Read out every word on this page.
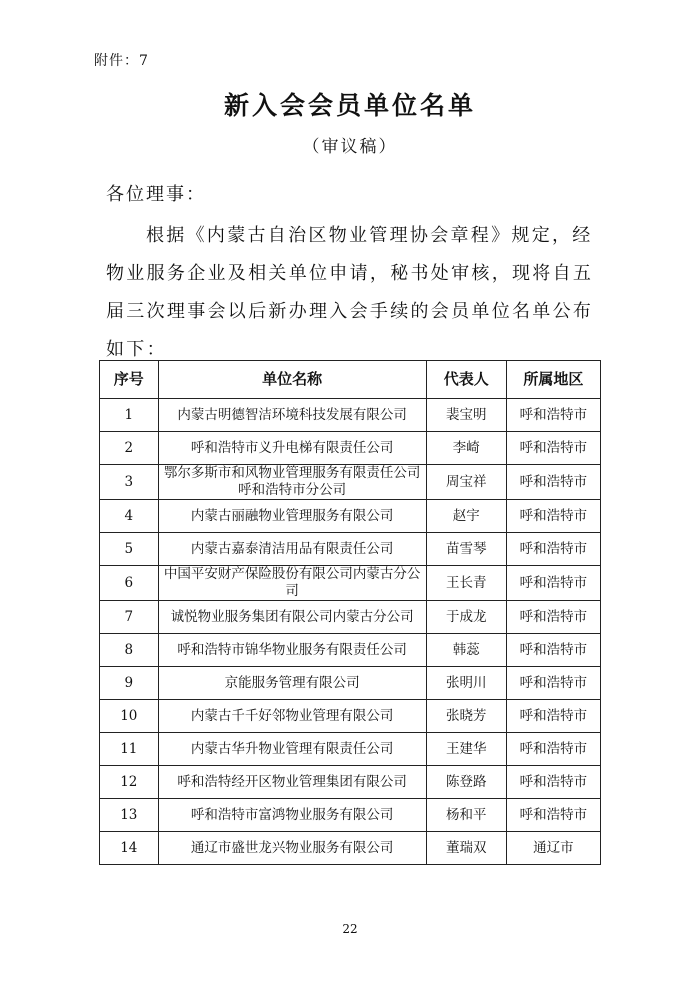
附件：7
新入会会员单位名单
（审议稿）
各位理事：

根据《内蒙古自治区物业管理协会章程》规定，经物业服务企业及相关单位申请，秘书处审核，现将自五届三次理事会以后新办理入会手续的会员单位名单公布如下：

序号	单位名称	代表人	所属地区
1	内蒙古明德智洁环境科技发展有限公司	裴宝明	呼和浩特市
2	呼和浩特市义升电梯有限责任公司	李崎	呼和浩特市
3	鄂尔多斯市和风物业管理服务有限责任公司呼和浩特市分公司	周宝祥	呼和浩特市
4	内蒙古丽融物业管理服务有限公司	赵宇	呼和浩特市
5	内蒙古嘉泰清洁用品有限责任公司	苗雪琴	呼和浩特市
6	中国平安财产保险股份有限公司内蒙古分公司	王长青	呼和浩特市
7	诚悦物业服务集团有限公司内蒙古分公司	于成龙	呼和浩特市
8	呼和浩特市锦华物业服务有限责任公司	韩蕊	呼和浩特市
9	京能服务管理有限公司	张明川	呼和浩特市
10	内蒙古千千好邻物业管理有限公司	张晓芳	呼和浩特市
11	内蒙古华升物业管理有限责任公司	王建华	呼和浩特市
12	呼和浩特经开区物业管理集团有限公司	陈登路	呼和浩特市
13	呼和浩特市富鸿物业服务有限公司	杨和平	呼和浩特市
14	通辽市盛世龙兴物业服务有限公司	董瑞双	通辽市
22
